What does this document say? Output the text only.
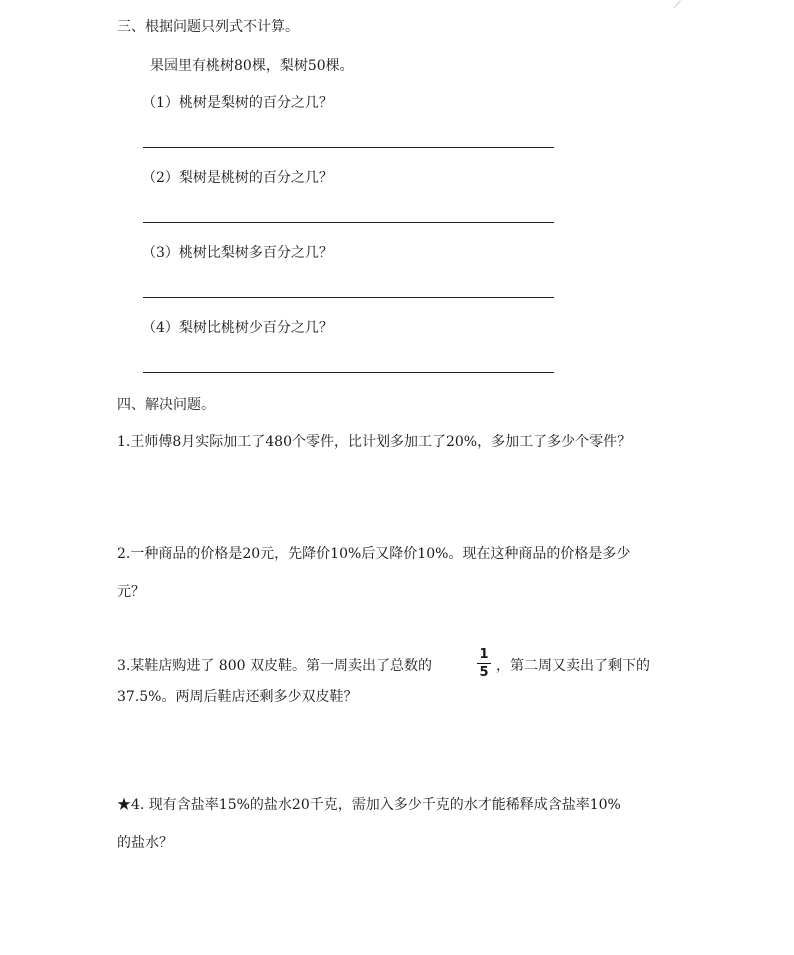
三、根据问题只列式不计算。
果园里有桃树80棵，梨树50棵。
（1）桃树是梨树的百分之几？
（2）梨树是桃树的百分之几？
（3）桃树比梨树多百分之几？
（4）梨树比桃树少百分之几？
四、解决问题。
1.王师傅8月实际加工了480个零件，比计划多加工了20%，多加工了多少个零件？
2.一种商品的价格是20元，先降价10%后又降价10%。现在这种商品的价格是多少
元？
3.某鞋店购进了 800 双皮鞋。第一周卖出了总数的
1
5 ，第二周又卖出了剩下的
37.5%。两周后鞋店还剩多少双皮鞋？
★4. 现有含盐率15%的盐水20千克，需加入多少千克的水才能稀释成含盐率10%
的盐水？
